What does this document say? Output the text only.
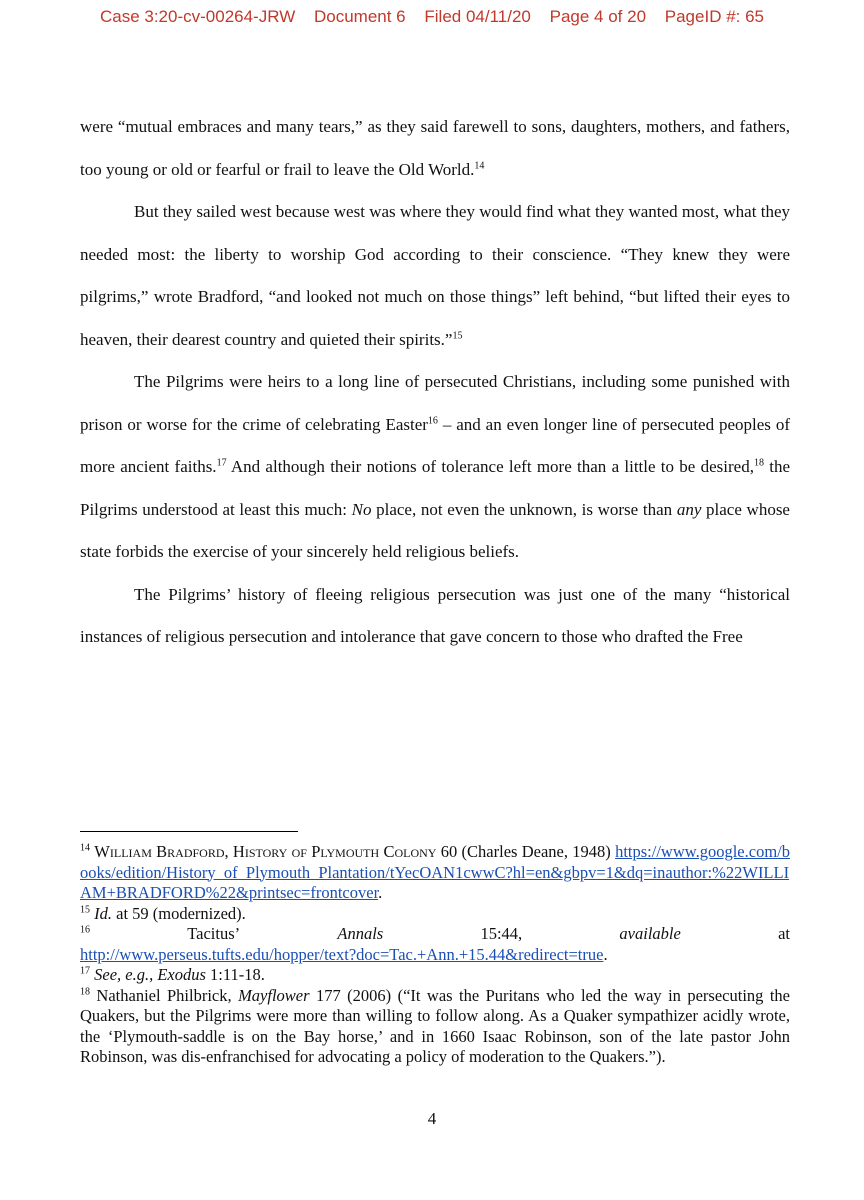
Case 3:20-cv-00264-JRW Document 6 Filed 04/11/20 Page 4 of 20 PageID #: 65

were “mutual embraces and many tears,” as they said farewell to sons, daughters, mothers, and fathers, too young or old or fearful or frail to leave the Old World.$^{14}$

But they sailed west because west was where they would find what they wanted most, what they needed most: the liberty to worship God according to their conscience. “They knew they were pilgrims,” wrote Bradford, “and looked not much on those things” left behind, “but lifted their eyes to heaven, their dearest country and quieted their spirits.”$^{15}$

The Pilgrims were heirs to a long line of persecuted Christians, including some punished with prison or worse for the crime of celebrating Easter$^{16}$ – and an even longer line of persecuted peoples of more ancient faiths.$^{17}$ And although their notions of tolerance left more than a little to be desired,$^{18}$ the Pilgrims understood at least this much: No place, not even the unknown, is worse than any place whose state forbids the exercise of your sincerely held religious beliefs.

The Pilgrims’ history of fleeing religious persecution was just one of the many “historical instances of religious persecution and intolerance that gave concern to those who drafted the Free

$^{14}$ William Bradford, History of Plymouth Colony 60 (Charles Deane, 1948) https://www.google.com/books/edition/History_of_Plymouth_Plantation/tYecOAN1cwwC?hl=en&gbpv=1&dq=inauthor:%22WILLIAM+BRADFORD%22&printsec=frontcover.

$^{15}$ Id. at 59 (modernized).

$^{16}$	Tacitus’	Annals	15:44,	available	at

http://www.perseus.tufts.edu/hopper/text?doc=Tac.+Ann.+15.44&redirect=true.

$^{17}$ See, e.g., Exodus 1:11-18.

$^{18}$ Nathaniel Philbrick, Mayflower 177 (2006) (“It was the Puritans who led the way in persecuting the Quakers, but the Pilgrims were more than willing to follow along. As a Quaker sympathizer acidly wrote, the ‘Plymouth-saddle is on the Bay horse,’ and in 1660 Isaac Robinson, son of the late pastor John Robinson, was dis-enfranchised for advocating a policy of moderation to the Quakers.”).

4
